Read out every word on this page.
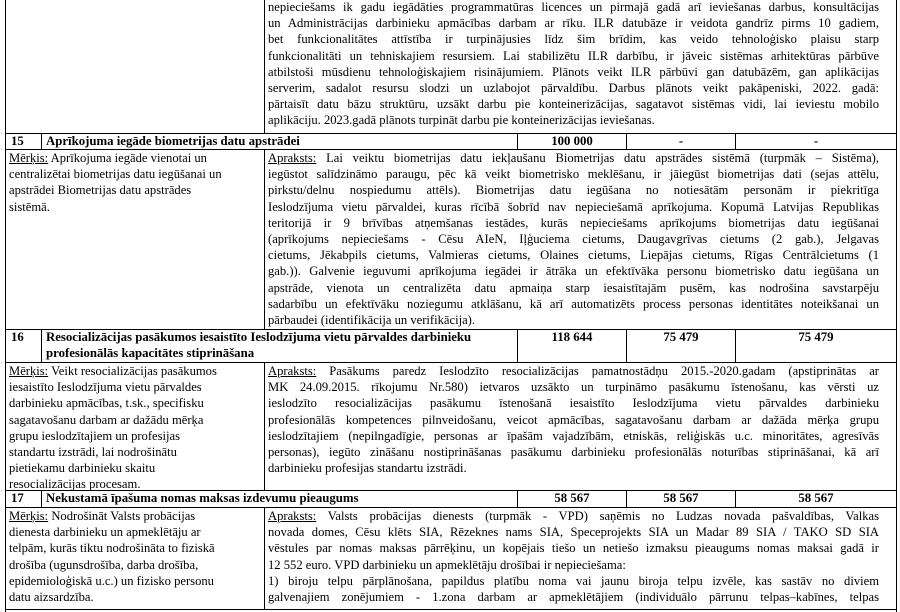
nepieciešams ik gadu iegādāties programmatūras licences un pirmajā gadā arī ieviešanas darbus, konsultācijas
un Administrācijas darbinieku apmācības darbam ar rīku. ILR datubāze ir veidota gandrīz pirms 10 gadiem,
bet funkcionalitātes attīstība ir turpinājusies līdz šim brīdim, kas veido tehnoloģisko plaisu starp
funkcionalitāti un tehniskajiem resursiem. Lai stabilizētu ILR darbību, ir jāveic sistēmas arhitektūras pārbūve
atbilstoši mūsdienu tehnoloģiskajiem risinājumiem. Plānots veikt ILR pārbūvi gan datubāzēm, gan aplikācijas
serverim, sadalot resursu slodzi un uzlabojot pārvaldību. Darbus plānots veikt pakāpeniski, 2022. gadā:
pārtaisīt datu bāzu struktūru, uzsākt darbu pie konteinerizācijas, sagatavot sistēmas vidi, lai ieviestu mobilo
aplikāciju. 2023.gadā plānots turpināt darbu pie konteinerizācijas ieviešanas.
15 Aprīkojuma iegāde biometrijas datu apstrādei	100 000	-	-
Mērķis: Aprīkojuma iegāde vienotai un
centralizētai biometrijas datu iegūšanai un
apstrādei Biometrijas datu apstrādes
sistēmā.
Apraksts: Lai veiktu biometrijas datu iekļaušanu Biometrijas datu apstrādes sistēmā (turpmāk – Sistēma),
iegūstot salīdzināmo paraugu, pēc kā veikt biometrisko meklēšanu, ir jāiegūst biometrijas dati (sejas attēlu,
pirkstu/delnu nospiedumu attēls). Biometrijas datu iegūšana no notiesātām personām ir piekritīga
Ieslodzījuma vietu pārvaldei, kuras rīcībā šobrīd nav nepieciešamā aprīkojuma. Kopumā Latvijas Republikas
teritorijā ir 9 brīvības atņemšanas iestādes, kurās nepieciešams aprīkojums biometrijas datu iegūšanai
(aprīkojums nepieciešams - Cēsu AIeN, Iļģuciema cietums, Daugavgrīvas cietums (2 gab.), Jelgavas
cietums, Jēkabpils cietums, Valmieras cietums, Olaines cietums, Liepājas cietums, Rīgas Centrālcietums (1
gab.)). Galvenie ieguvumi aprīkojuma iegādei ir ātrāka un efektīvāka personu biometrisko datu iegūšana un
apstrāde, vienota un centralizēta datu apmaiņa starp iesaistītajām pusēm, kas nodrošina savstarpēju
sadarbību un efektīvāku noziegumu atklāšanu, kā arī automatizēts process personas identitātes noteikšanai un
pārbaudei (identifikācija un verifikācija).
16 Resocializācijas pasākumos iesaistīto Ieslodzījuma vietu pārvaldes darbinieku
profesionālās kapacitātes stiprināšana
118 644	75 479	75 479
Mērķis: Veikt resocializācijas pasākumos
iesaistīto Ieslodzījuma vietu pārvaldes
darbinieku apmācības, t.sk., specifisku
sagatavošanu darbam ar dažādu mērķa
grupu ieslodzītajiem un profesijas
standartu izstrādi, lai nodrošinātu
pietiekamu darbinieku skaitu
resocializācijas procesam.
Apraksts: Pasākums paredz Ieslodzīto resocializācijas pamatnostādņu 2015.-2020.gadam (apstiprinātas ar
MK 24.09.2015. rīkojumu Nr.580) ietvaros uzsākto un turpināmo pasākumu īstenošanu, kas vērsti uz
ieslodzīto resocializācijas pasākumu īstenošanā iesaistīto Ieslodzījuma vietu pārvaldes darbinieku
profesionālās kompetences pilnveidošanu, veicot apmācības, sagatavošanu darbam ar dažāda mērķa grupu
ieslodzītajiem (nepilngadīgie, personas ar īpašām vajadzībām, etniskās, reliģiskās u.c. minoritātes, agresīvās
personas), iegūto zināšanu nostiprināšanas pasākumu darbinieku profesionālās noturības stiprināšanai, kā arī
darbinieku profesijas standartu izstrādi.
17 Nekustamā īpašuma nomas maksas izdevumu pieaugums	58 567	58 567	58 567
Mērķis: Nodrošināt Valsts probācijas
dienesta darbinieku un apmeklētāju ar
telpām, kurās tiktu nodrošināta to fiziskā
drošība (ugunsdrošība, darba drošība,
epidemioloģiskā u.c.) un fizisko personu
datu aizsardzība.
Apraksts: Valsts probācijas dienests (turpmāk - VPD) saņēmis no Ludzas novada pašvaldības, Valkas
novada domes, Cēsu klēts SIA, Rēzeknes nams SIA, Speceprojekts SIA un Madar 89 SIA / TAKO SD SIA
vēstules par nomas maksas pārrēķinu, un kopējais tiešo un netiešo izmaksu pieaugums nomas maksai gadā ir
12 552 euro. VPD darbinieku un apmeklētāju drošībai ir nepieciešama:
1) biroju telpu pārplānošana, papildus platību noma vai jaunu biroja telpu izvēle, kas sastāv no diviem
galvenajiem zonējumiem - 1.zona darbam ar apmeklētājiem (individuālo pārrunu telpas–kabīnes, telpas
